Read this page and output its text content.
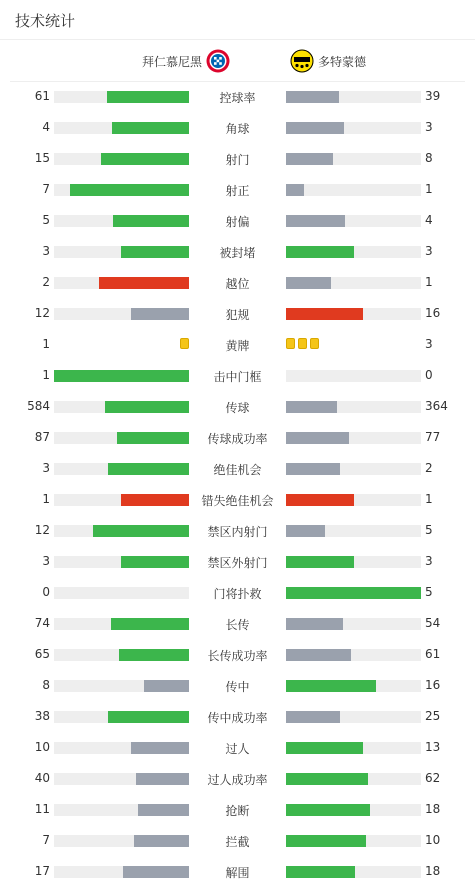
技术统计
拜仁慕尼黑	多特蒙德
61	控球率	39
4	角球	3
15	射门	8
7	射正	1
5	射偏	4
3	被封堵	3
2	越位	1
12	犯规	16
1	黄牌	3
1	击中门框	0
584	传球	364
87	传球成功率	77
3	绝佳机会	2
1	错失绝佳机会	1
12	禁区内射门	5
3	禁区外射门	3
0	门将扑救	5
74	长传	54
65	长传成功率	61
8	传中	16
38	传中成功率	25
10	过人	13
40	过人成功率	62
11	抢断	18
7	拦截	10
17	解围	18
